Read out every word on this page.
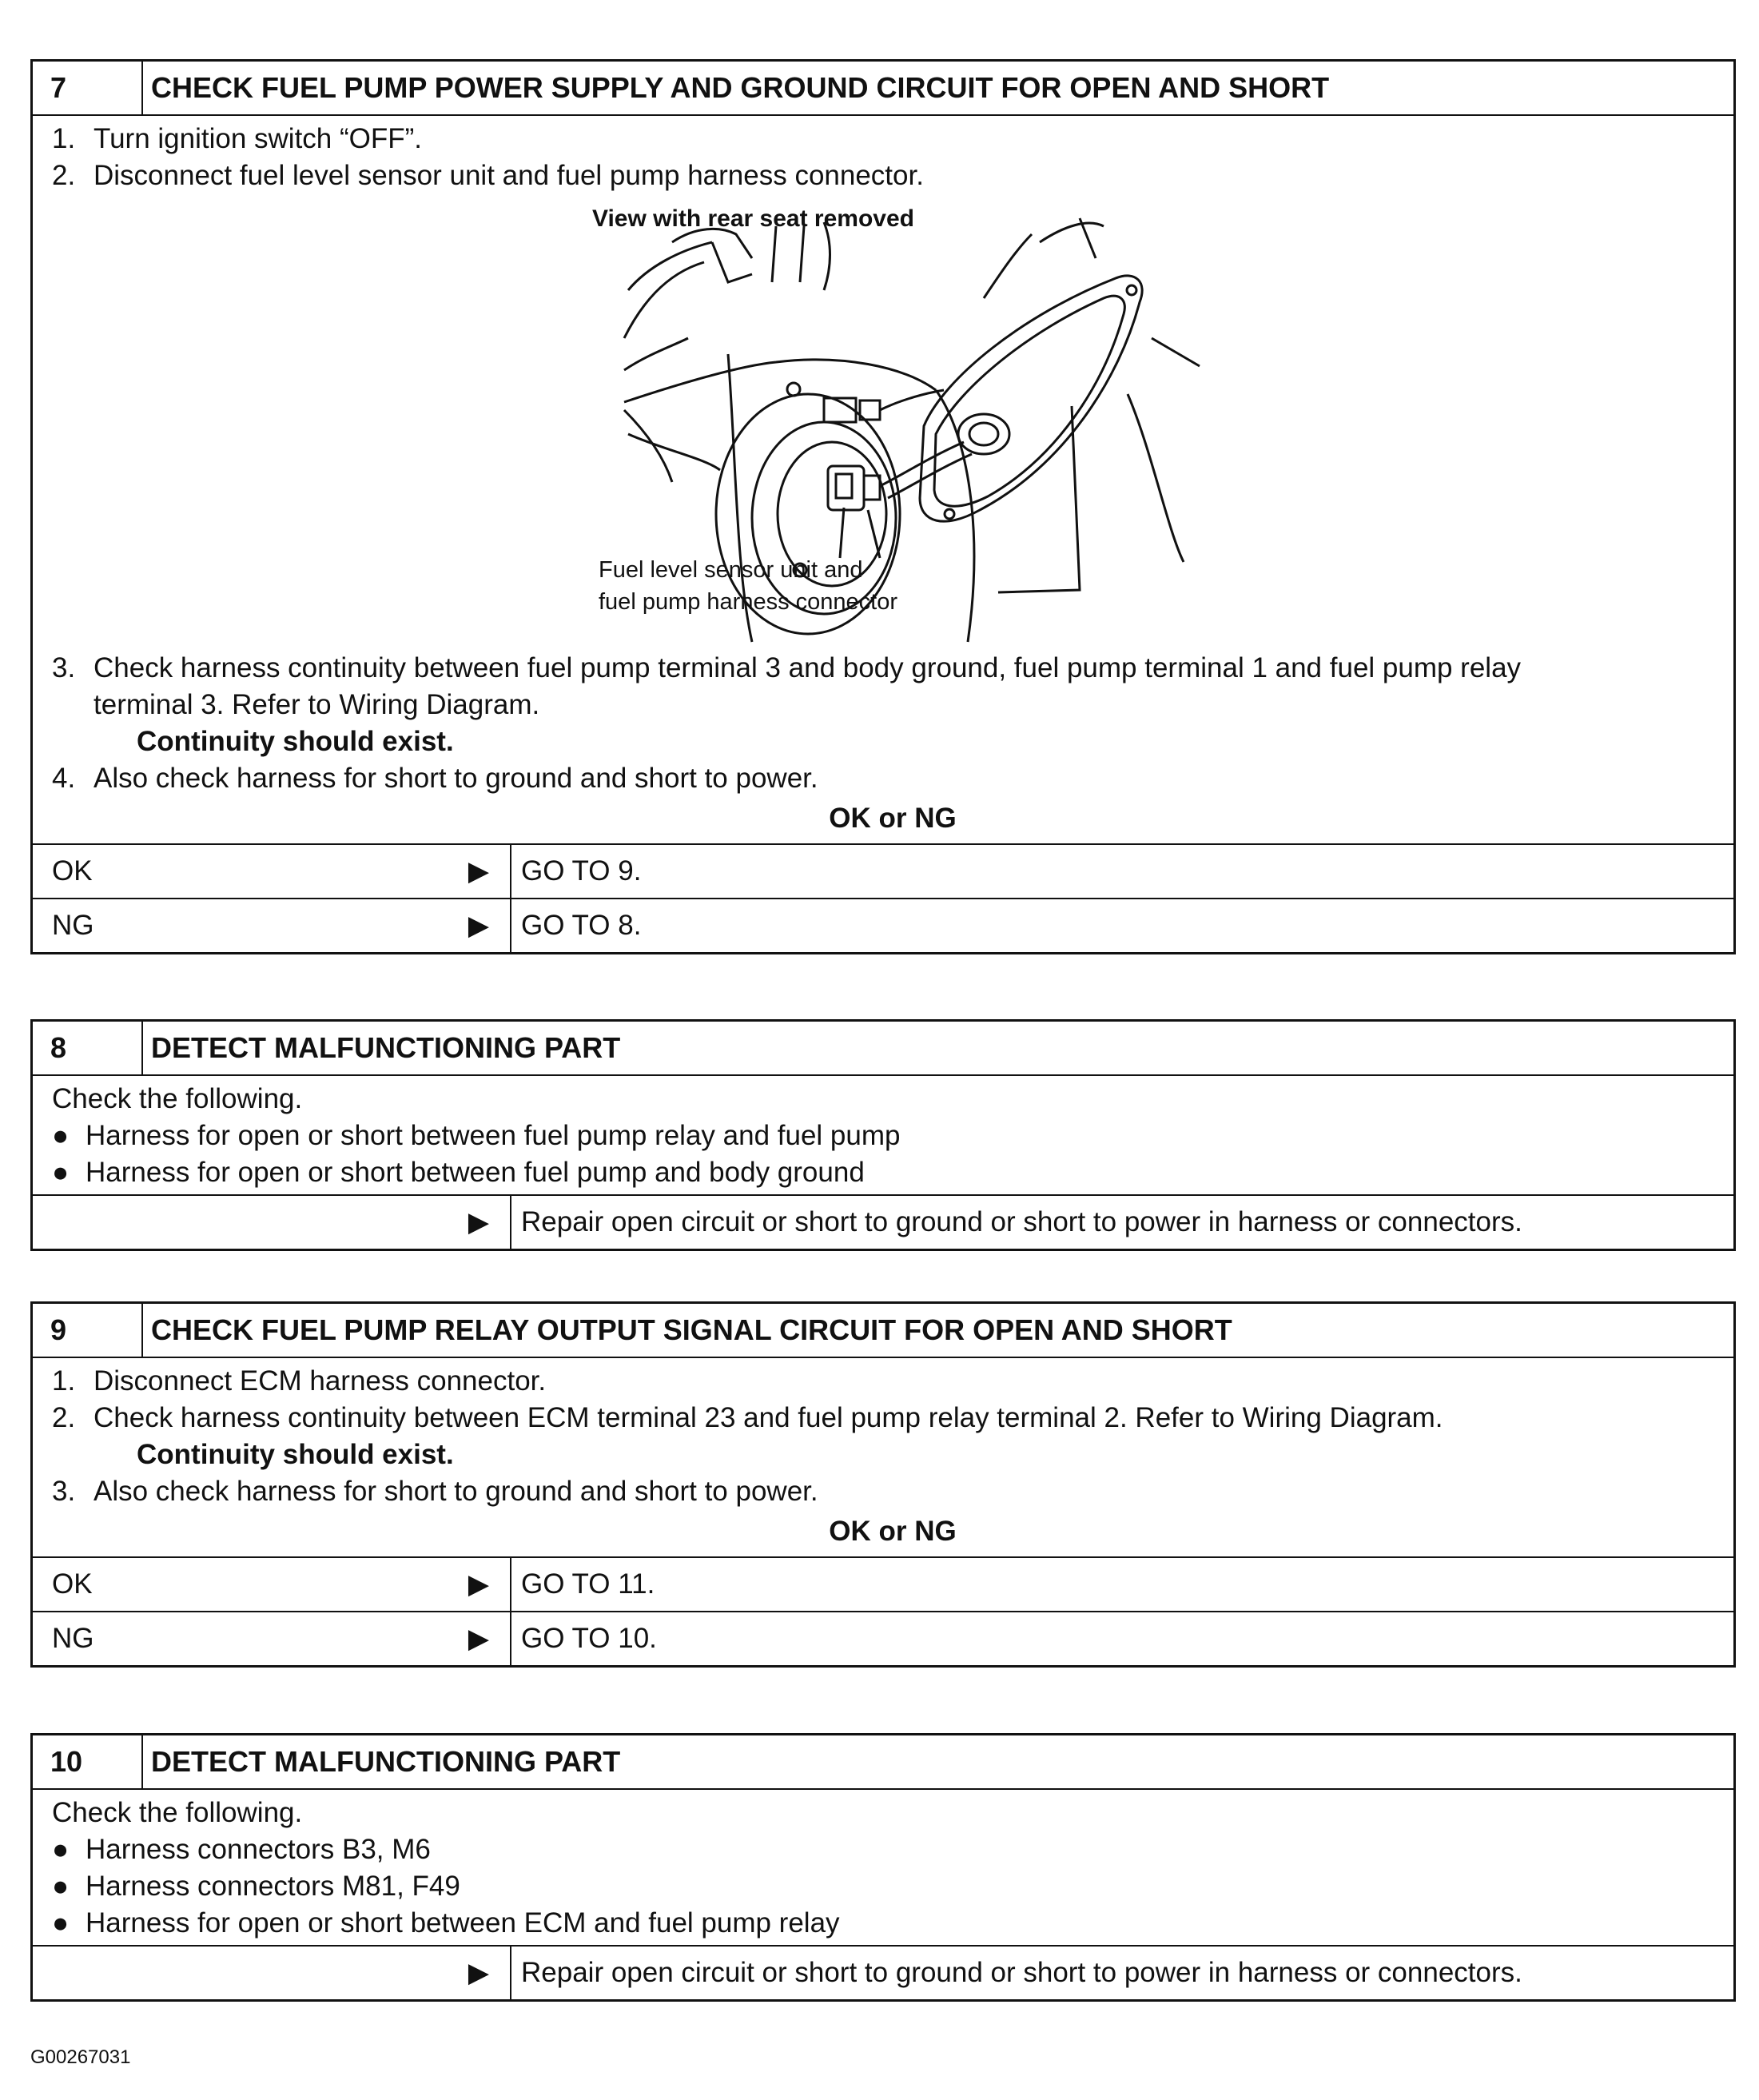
7	CHECK FUEL PUMP POWER SUPPLY AND GROUND CIRCUIT FOR OPEN AND SHORT
1. Turn ignition switch “OFF”.
2. Disconnect fuel level sensor unit and fuel pump harness connector.
View with rear seat removed
Fuel level sensor unit and
fuel pump harness connector
3. Check harness continuity between fuel pump terminal 3 and body ground, fuel pump terminal 1 and fuel pump relay
terminal 3. Refer to Wiring Diagram.
Continuity should exist.
4. Also check harness for short to ground and short to power.
OK or NG
OK	▶	GO TO 9.
NG	▶	GO TO 8.
8	DETECT MALFUNCTIONING PART
Check the following.
● Harness for open or short between fuel pump relay and fuel pump
● Harness for open or short between fuel pump and body ground
▶	Repair open circuit or short to ground or short to power in harness or connectors.
9	CHECK FUEL PUMP RELAY OUTPUT SIGNAL CIRCUIT FOR OPEN AND SHORT
1. Disconnect ECM harness connector.
2. Check harness continuity between ECM terminal 23 and fuel pump relay terminal 2. Refer to Wiring Diagram.
Continuity should exist.
3. Also check harness for short to ground and short to power.
OK or NG
OK	▶	GO TO 11.
NG	▶	GO TO 10.
10	DETECT MALFUNCTIONING PART
Check the following.
● Harness connectors B3, M6
● Harness connectors M81, F49
● Harness for open or short between ECM and fuel pump relay
▶	Repair open circuit or short to ground or short to power in harness or connectors.
G00267031
